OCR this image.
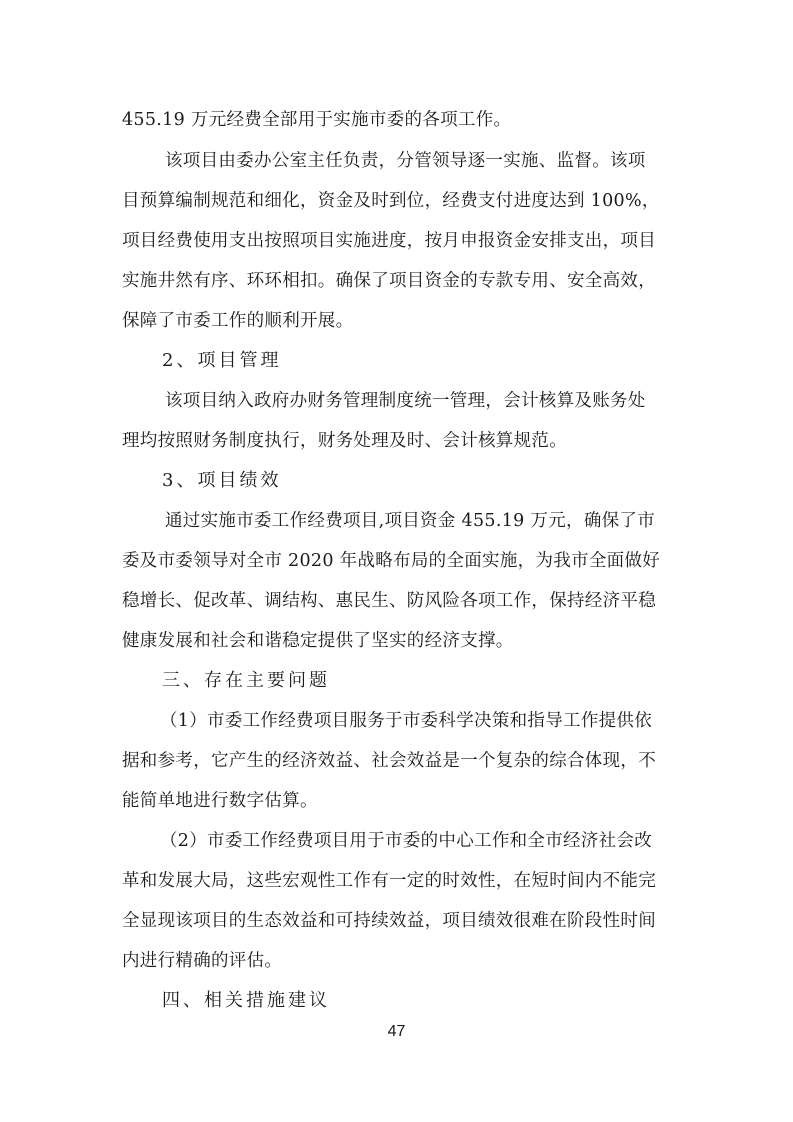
455.19 万元经费全部用于实施市委的各项工作。
该项目由委办公室主任负责，分管领导逐一实施、监督。该项
目预算编制规范和细化，资金及时到位，经费支付进度达到 100%，
项目经费使用支出按照项目实施进度，按月申报资金安排支出，项目
实施井然有序、环环相扣。确保了项目资金的专款专用、安全高效，
保障了市委工作的顺利开展。
2、项目管理
该项目纳入政府办财务管理制度统一管理，会计核算及账务处
理均按照财务制度执行，财务处理及时、会计核算规范。
3、项目绩效
通过实施市委工作经费项目,项目资金 455.19 万元，确保了市
委及市委领导对全市 2020 年战略布局的全面实施，为我市全面做好
稳增长、促改革、调结构、惠民生、防风险各项工作，保持经济平稳
健康发展和社会和谐稳定提供了坚实的经济支撑。
三、存在主要问题
（1）市委工作经费项目服务于市委科学决策和指导工作提供依
据和参考，它产生的经济效益、社会效益是一个复杂的综合体现，不
能简单地进行数字估算。
（2）市委工作经费项目用于市委的中心工作和全市经济社会改
革和发展大局，这些宏观性工作有一定的时效性，在短时间内不能完
全显现该项目的生态效益和可持续效益，项目绩效很难在阶段性时间
内进行精确的评估。
四、相关措施建议
47
